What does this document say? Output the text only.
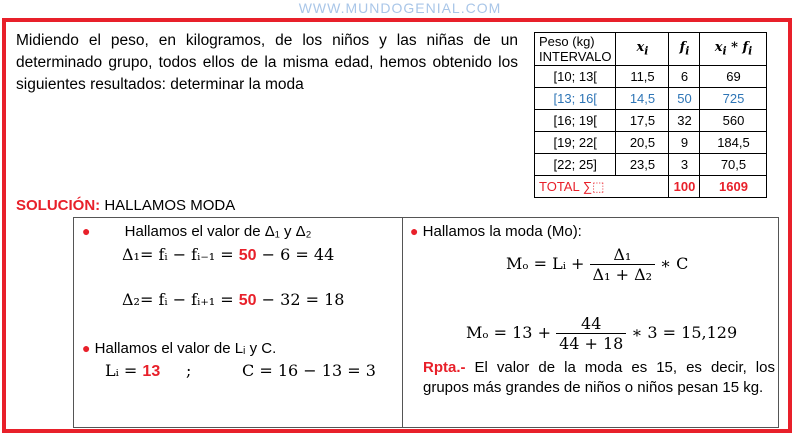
WWW.MUNDOGENIAL.COM
Midiendo el peso, en kilogramos, de los niños y las niñas de un determinado grupo, todos ellos de la misma edad, hemos obtenido los siguientes resultados: determinar la moda
Peso (kg)
INTERVALO	$x_i$	$f_i$	$x_i * f_i$
[10; 13[	11,5	6	69
[13; 16[	14,5	50	725
[16; 19[	17,5	32	560
[19; 22[	20,5	9	184,5
[22; 25]	23,5	3	70,5
TOTAL ∑⬚		100	1609
SOLUCIÓN: HALLAMOS MODA
● Hallamos el valor de Δ₁ y Δ₂
Δ₁= fᵢ − fᵢ₋₁ = 50 − 6 = 44
Δ₂= fᵢ − fᵢ₊₁ = 50 − 32 = 18
● Hallamos el valor de Lᵢ y C.
Lᵢ = 13 ;	C = 16 − 13 = 3
● Hallamos la moda (Mo):
Mₒ = Lᵢ + $\frac{\text{Δ₁}}{\text{Δ₁ + Δ₂}}$ ∗ C
$M_o = 13 + \frac{44}{44 + 18}$ ∗ 3 = 15,129
Rpta.- El valor de la moda es 15, es decir, los grupos más grandes de niños o niños pesan 15 kg.
